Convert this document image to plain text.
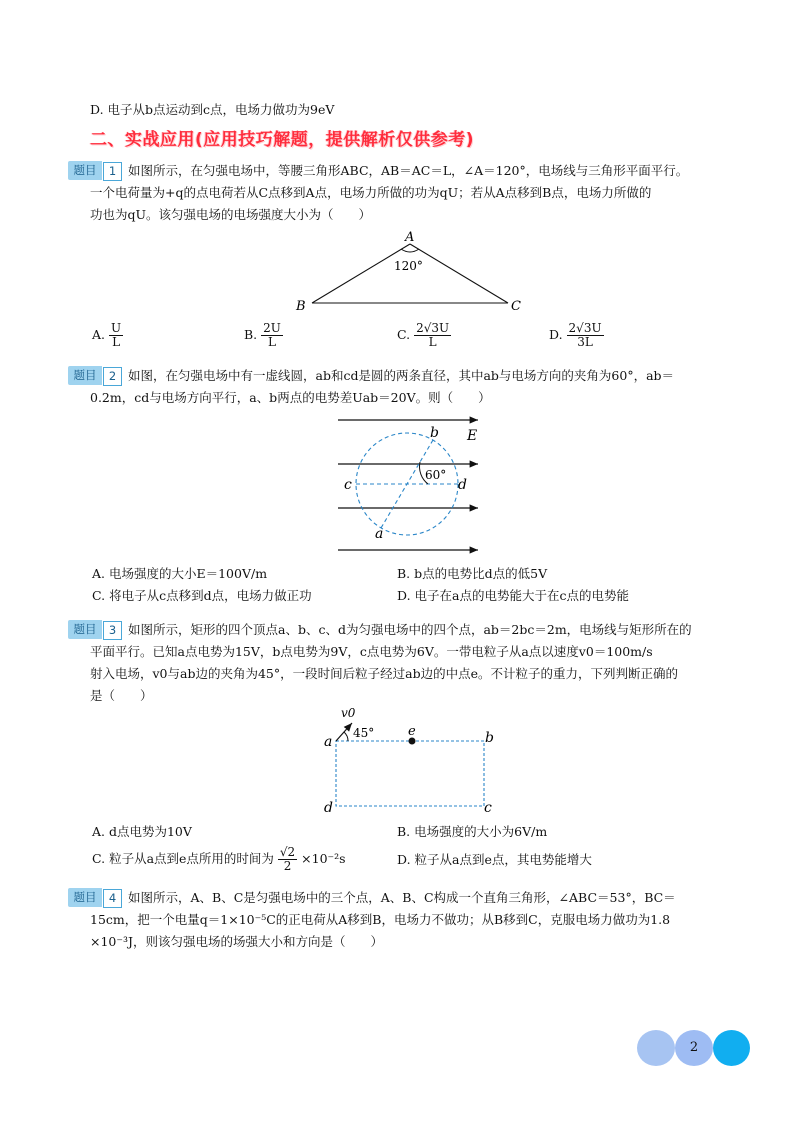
D. 电子从b点运动到c点，电场力做功为9eV
二、实战应用(应用技巧解题，提供解析仅供参考)
题目	1 如图所示，在匀强电场中，等腰三角形ABC，AB＝AC＝L，∠A＝120°，电场线与三角形平面平行。
一个电荷量为+q的点电荷若从C点移到A点，电场力所做的功为qU；若从A点移到B点，电场力所做的
功也为qU。该匀强电场的电场强度大小为（　　）
A
B	C
120°
A. $\frac{U}{L}$	B. $\frac{2U}{L}$	C. $\frac{2√3U}{L}$	D. $\frac{2√3U}{3L}$
题目	2 如图，在匀强电场中有一虚线圆，ab和cd是圆的两条直径，其中ab与电场方向的夹角为60°，ab＝
0.2m，cd与电场方向平行，a、b两点的电势差Uab＝20V。则（　　）
b E
60°
c	d
a
A. 电场强度的大小E＝100V/m	B. b点的电势比d点的低5V
C. 将电子从c点移到d点，电场力做正功	D. 电子在a点的电势能大于在c点的电势能
题目	3 如图所示，矩形的四个顶点a、b、c、d为匀强电场中的四个点，ab＝2bc＝2m，电场线与矩形所在的
平面平行。已知a点电势为15V，b点电势为9V，c点电势为6V。一带电粒子从a点以速度v0＝100m/s
射入电场，v0与ab边的夹角为45°，一段时间后粒子经过ab边的中点e。不计粒子的重力，下列判断正确的
是（　　）
v0
45°	e
a	b
c
d
A. d点电势为10V	B. 电场强度的大小为6V/m
C. 粒子从a点到e点所用的时间为 $\frac{√2}{2} \times 10^{-2}s$	D. 粒子从a点到e点，其电势能增大
题目	4 如图所示，A、B、C是匀强电场中的三个点，A、B、C构成一个直角三角形，∠ABC＝53°，BC＝
15cm，把一个电量q＝1×10⁻⁵C的正电荷从A移到B，电场力不做功；从B移到C，克服电场力做功为1.8
×10⁻³J，则该匀强电场的场强大小和方向是（　　）
2
